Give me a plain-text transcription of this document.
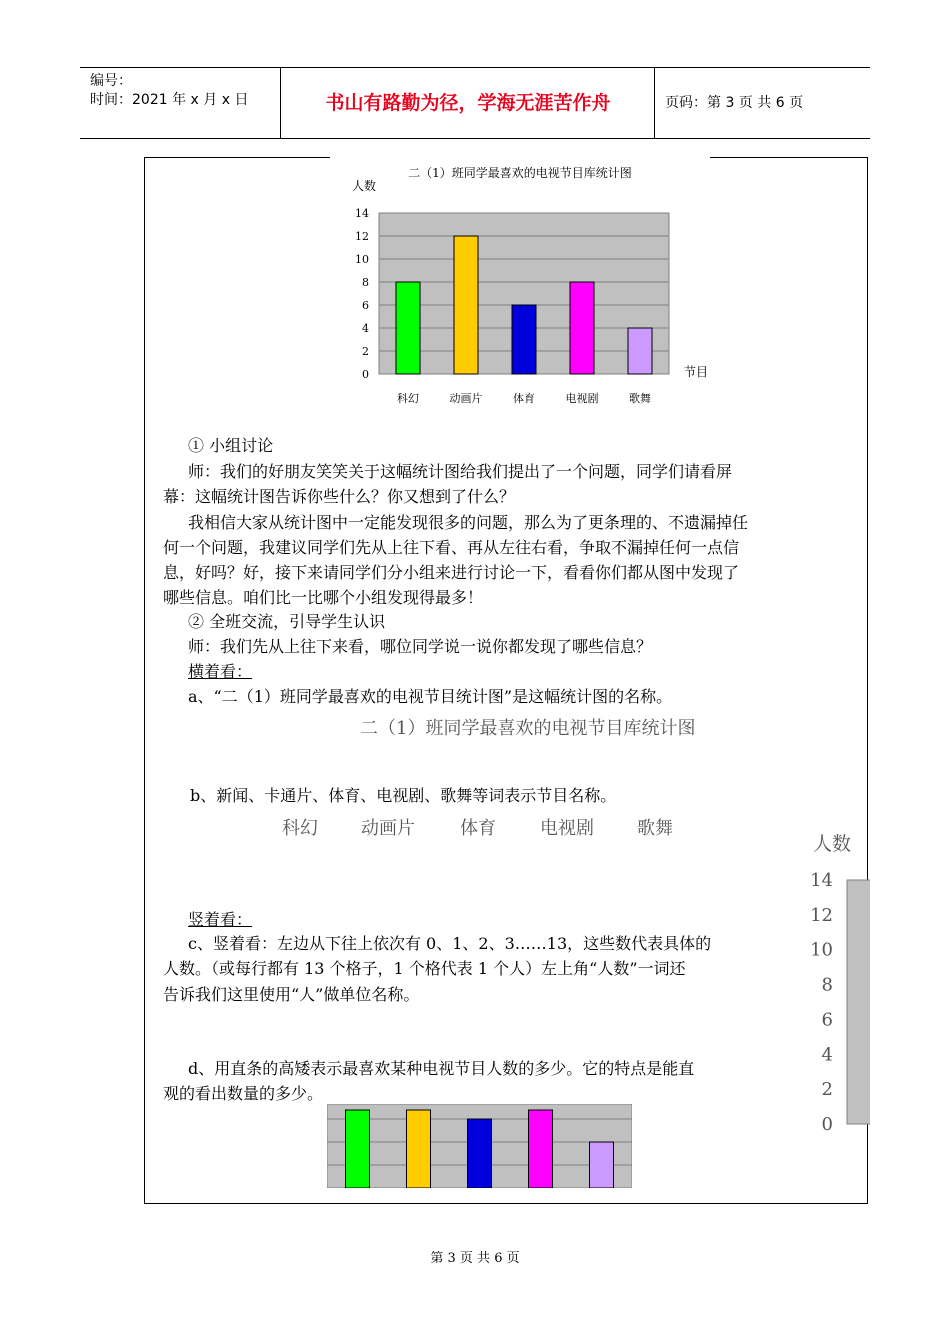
编号：
时间：2021 年 x 月 x 日	书山有路勤为径，学海无涯苦作舟	页码：第 3 页 共 6 页
二（1）班同学最喜欢的电视节目库统计图
人数
节目
0
2
4
6
8
10
12
14
科幻	动画片	体育	电视剧	歌舞
① 小组讨论
师：我们的好朋友笑笑关于这幅统计图给我们提出了一个问题，同学们请看屏
幕：这幅统计图告诉你些什么？你又想到了什么？
我相信大家从统计图中一定能发现很多的问题，那么为了更条理的、不遗漏掉任
何一个问题，我建议同学们先从上往下看、再从左往右看，争取不漏掉任何一点信
息，好吗？好，接下来请同学们分小组来进行讨论一下，看看你们都从图中发现了
哪些信息。咱们比一比哪个小组发现得最多！
② 全班交流，引导学生认识
师：我们先从上往下来看，哪位同学说一说你都发现了哪些信息？
横着看：
a、“二（1）班同学最喜欢的电视节目统计图”是这幅统计图的名称。
二（1）班同学最喜欢的电视节目库统计图
b、新闻、卡通片、体育、电视剧、歌舞等词表示节目名称。
科幻 动画片	体育 电视剧 歌舞
人数
0
2
4
6
8
10
12
14
竖着看：
c、竖着看：左边从下往上依次有 0、1、2、3……13，这些数代表具体的
人数。（或每行都有 13 个格子，1 个格代表 1 个人）左上角“人数”一词还
告诉我们这里使用“人”做单位名称。
d、用直条的高矮表示最喜欢某种电视节目人数的多少。它的特点是能直
观的看出数量的多少。
第 3 页 共 6 页
